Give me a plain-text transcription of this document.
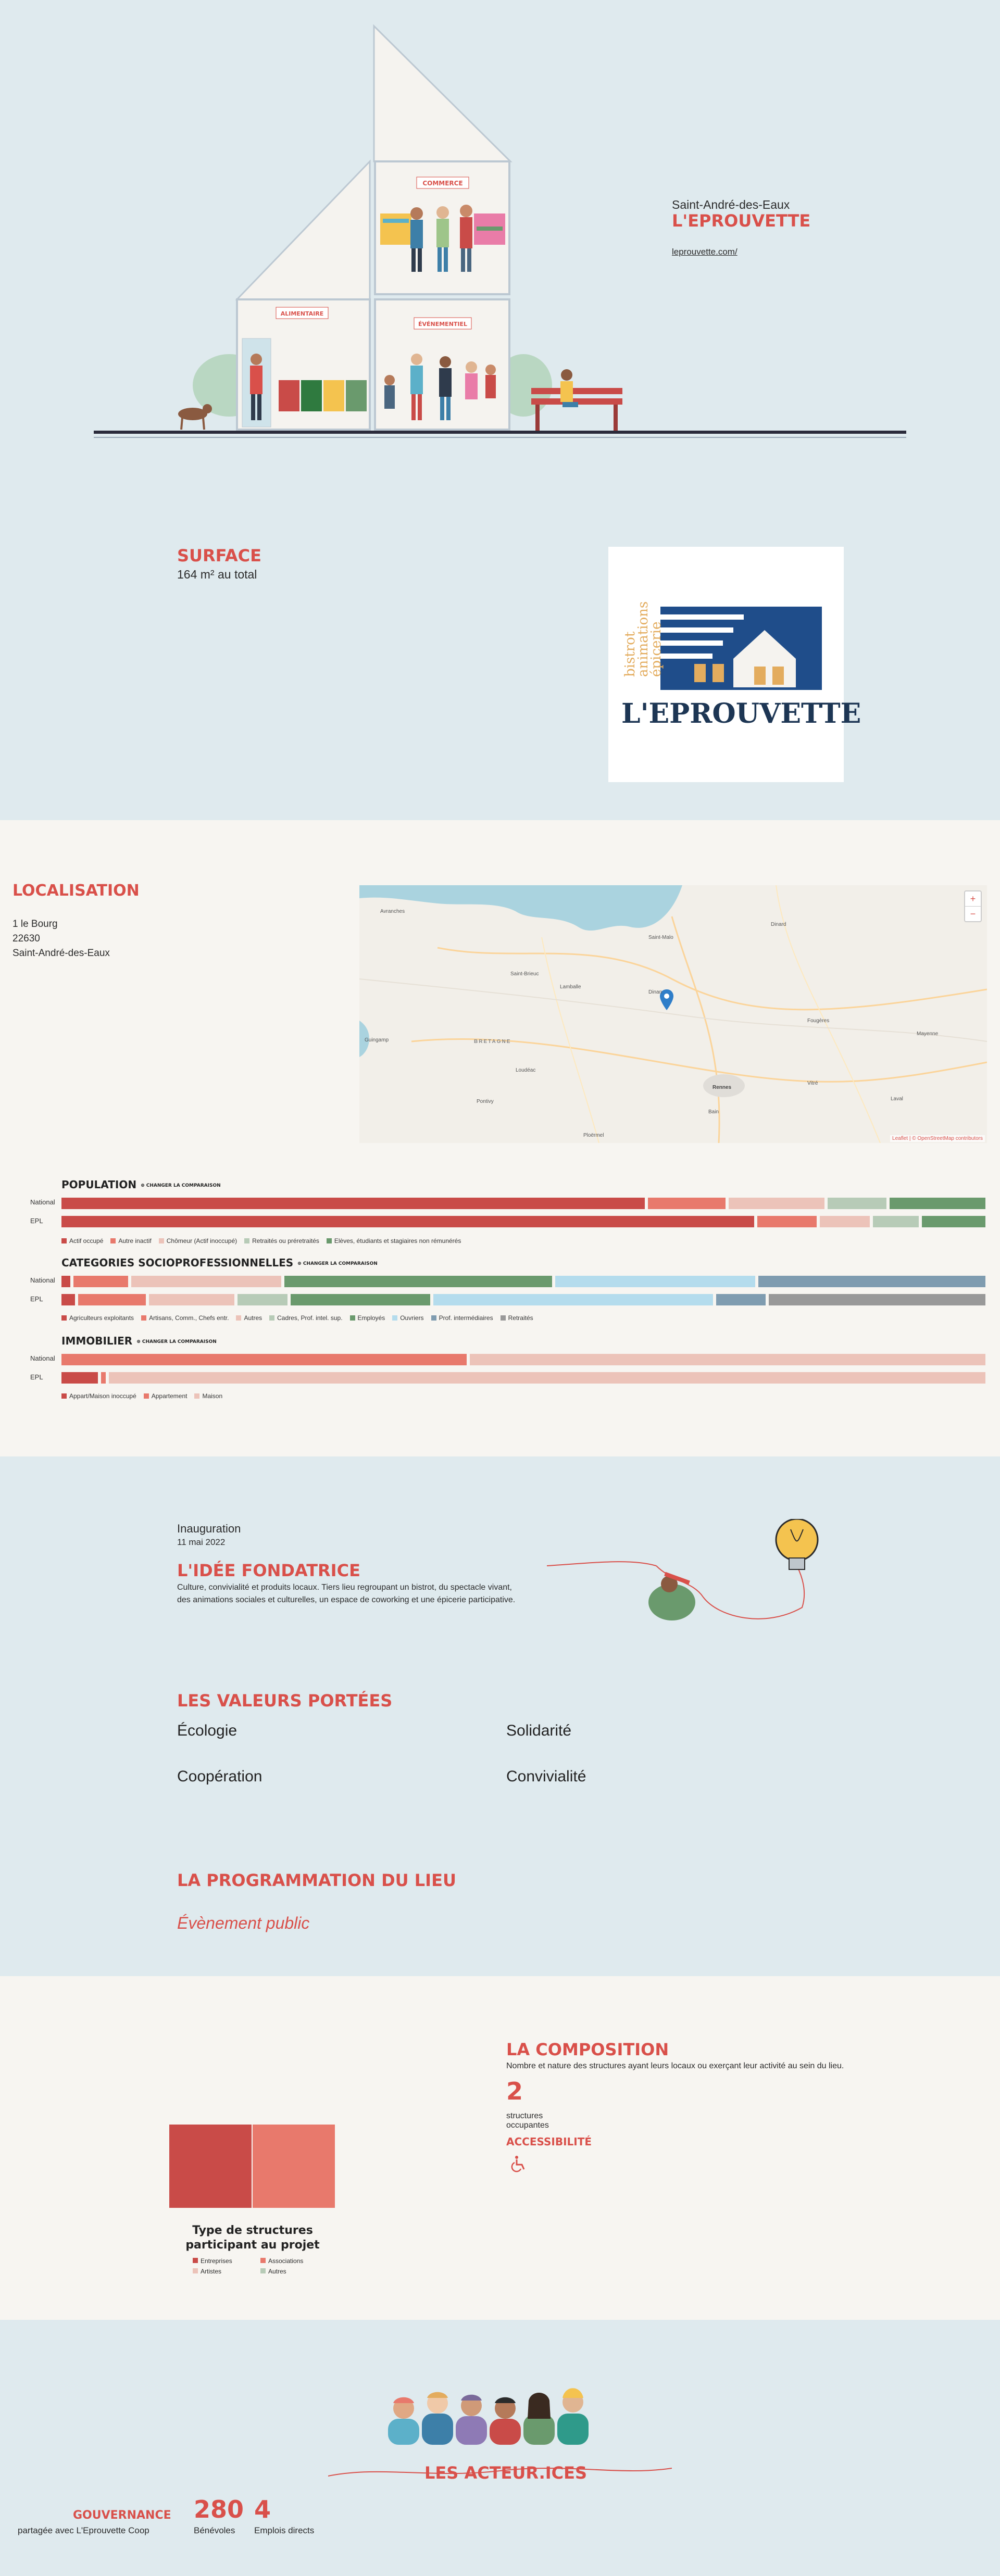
COMMERCE
ALIMENTAIRE
ÉVÉNEMENTIEL
Saint-André-des-Eaux
L'EPROUVETTE
leprouvette.com/
SURFACE
164 m² au total
bistrot
animations
épicerie
L'EPROUVETTE
LOCALISATION
1 le Bourg
22630
Saint-André-des-Eaux
+
−
Avranches
Saint-Malo
Dinard
Saint-Brieuc
Lamballe
Dinan
Fougères
BRETAGNE
Loudéac
Pontivy
Rennes
Vitré
Mayenne
Bain
Ploërmel
Laval
Guingamp
Leaflet | © OpenStreetMap contributors
POPULATION ⊕ CHANGER LA COMPARAISON
National
EPL
Actif occupé Autre inactif Chômeur (Actif inoccupé) Retraités ou préretraités Elèves, étudiants et stagiaires non rémunérés
CATEGORIES SOCIOPROFESSIONNELLES ⊕ CHANGER LA COMPARAISON
National
EPL
Agriculteurs exploitants Artisans, Comm., Chefs entr. Autres Cadres, Prof. intel. sup. Employés Ouvriers Prof. intermédiaires Retraités
IMMOBILIER ⊕ CHANGER LA COMPARAISON
National
EPL
Appart/Maison inoccupé Appartement Maison
Inauguration
11 mai 2022
L'IDÉE FONDATRICE

Culture, convivialité et produits locaux. Tiers lieu regroupant un bistrot, du spectacle vivant, des animations sociales et culturelles, un espace de coworking et une épicerie participative.

LES VALEURS PORTÉES
Écologie	Solidarité
Coopération	Convivialité
LA PROGRAMMATION DU LIEU
Évènement public
Type de structures
participant au projet
Entreprises	Associations
Artistes	Autres
LA COMPOSITION
Nombre et nature des structures ayant leurs locaux ou exerçant leur activité au sein du lieu.
2
structures
occupantes
ACCESSIBILITÉ
LES ACTEUR.ICES
GOUVERNANCE
partagée avec L'Eprouvette Coop
280
Bénévoles
4
Emplois directs
